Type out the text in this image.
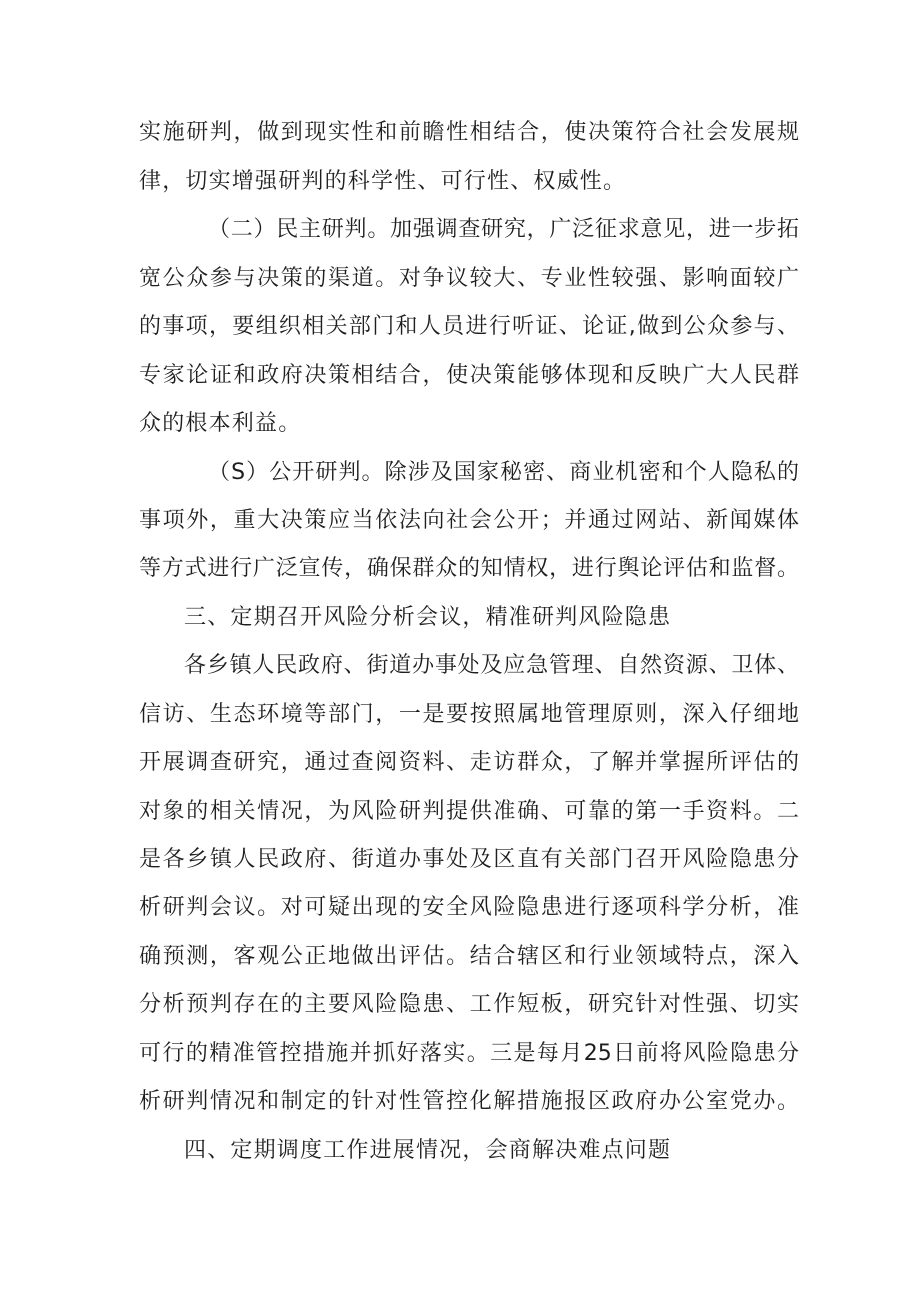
实施研判，做到现实性和前瞻性相结合，使决策符合社会发展规
律，切实增强研判的科学性、可行性、权威性。
（二）民主研判。加强调查研究，广泛征求意见，进一步拓
宽公众参与决策的渠道。对争议较大、专业性较强、影响面较广
的事项，要组织相关部门和人员进行听证、论证,做到公众参与、
专家论证和政府决策相结合，使决策能够体现和反映广大人民群
众的根本利益。
（S）公开研判。除涉及国家秘密、商业机密和个人隐私的
事项外，重大决策应当依法向社会公开；并通过网站、新闻媒体
等方式进行广泛宣传，确保群众的知情权，进行舆论评估和监督。
三、定期召开风险分析会议，精准研判风险隐患
各乡镇人民政府、街道办事处及应急管理、自然资源、卫体、
信访、生态环境等部门，一是要按照属地管理原则，深入仔细地
开展调查研究，通过查阅资料、走访群众，了解并掌握所评估的
对象的相关情况，为风险研判提供准确、可靠的第一手资料。二
是各乡镇人民政府、街道办事处及区直有关部门召开风险隐患分
析研判会议。对可疑出现的安全风险隐患进行逐项科学分析，准
确预测，客观公正地做出评估。结合辖区和行业领域特点，深入
分析预判存在的主要风险隐患、工作短板，研究针对性强、切实
可行的精准管控措施并抓好落实。三是每月25日前将风险隐患分
析研判情况和制定的针对性管控化解措施报区政府办公室党办。
四、定期调度工作进展情况，会商解决难点问题
